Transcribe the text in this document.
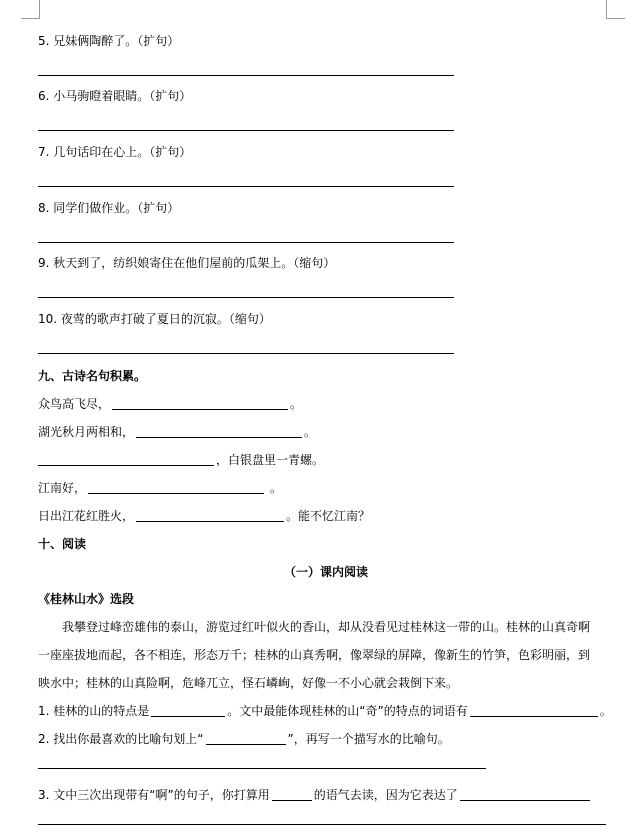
5. 兄妹俩陶醉了。（扩句）
6. 小马驹瞪着眼睛。（扩句）
7. 几句话印在心上。（扩句）
8. 同学们做作业。（扩句）
9. 秋天到了，纺织娘寄住在他们屋前的瓜架上。（缩句）
10. 夜莺的歌声打破了夏日的沉寂。（缩句）
九、古诗名句积累。
众鸟高飞尽，	。
湖光秋月两相和，	。
，白银盘里一青螺。
江南好，	。
日出江花红胜火，	。能不忆江南？
十、阅读
（一）课内阅读
《桂林山水》选段
我攀登过峰峦雄伟的泰山，游览过红叶似火的香山，却从没看见过桂林这一带的山。桂林的山真奇啊
一座座拔地而起，各不相连，形态万千；桂林的山真秀啊，像翠绿的屏障，像新生的竹笋，色彩明丽，到
映水中；桂林的山真险啊，危峰兀立，怪石嶙峋，好像一不小心就会栽倒下来。
1. 桂林的山的特点是	。文中最能体现桂林的山“奇”的特点的词语有	。
2. 找出你最喜欢的比喻句划上“	”，再写一个描写水的比喻句。
3. 文中三次出现带有“啊”的句子，你打算用	的语气去读，因为它表达了
